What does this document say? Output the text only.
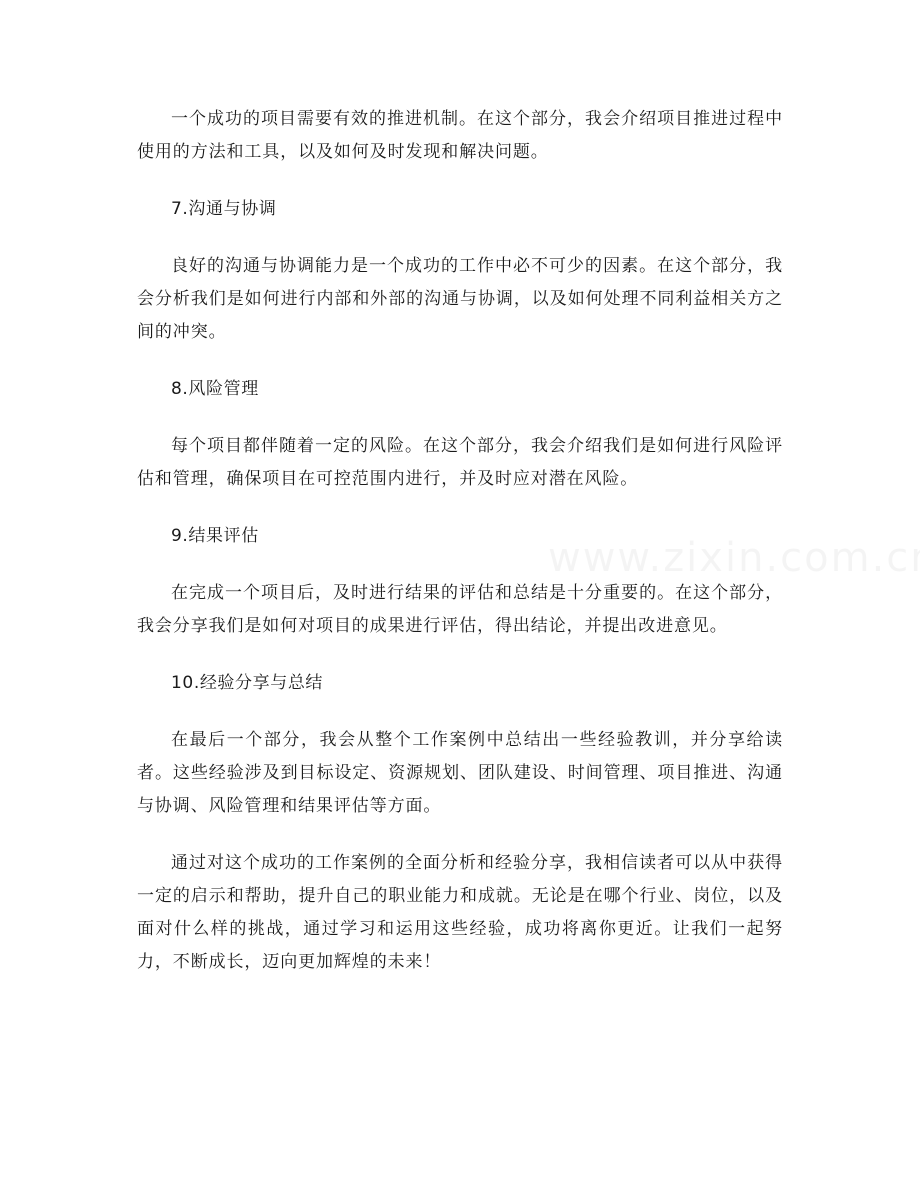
一个成功的项目需要有效的推进机制。在这个部分，我会介绍项目推进过程中使用的方法和工具，以及如何及时发现和解决问题。

7.沟通与协调

良好的沟通与协调能力是一个成功的工作中必不可少的因素。在这个部分，我会分析我们是如何进行内部和外部的沟通与协调，以及如何处理不同利益相关方之间的冲突。

8.风险管理

每个项目都伴随着一定的风险。在这个部分，我会介绍我们是如何进行风险评估和管理，确保项目在可控范围内进行，并及时应对潜在风险。

9.结果评估

在完成一个项目后，及时进行结果的评估和总结是十分重要的。在这个部分，我会分享我们是如何对项目的成果进行评估，得出结论，并提出改进意见。

10.经验分享与总结

在最后一个部分，我会从整个工作案例中总结出一些经验教训，并分享给读者。这些经验涉及到目标设定、资源规划、团队建设、时间管理、项目推进、沟通与协调、风险管理和结果评估等方面。

通过对这个成功的工作案例的全面分析和经验分享，我相信读者可以从中获得一定的启示和帮助，提升自己的职业能力和成就。无论是在哪个行业、岗位，以及面对什么样的挑战，通过学习和运用这些经验，成功将离你更近。让我们一起努力，不断成长，迈向更加辉煌的未来！
